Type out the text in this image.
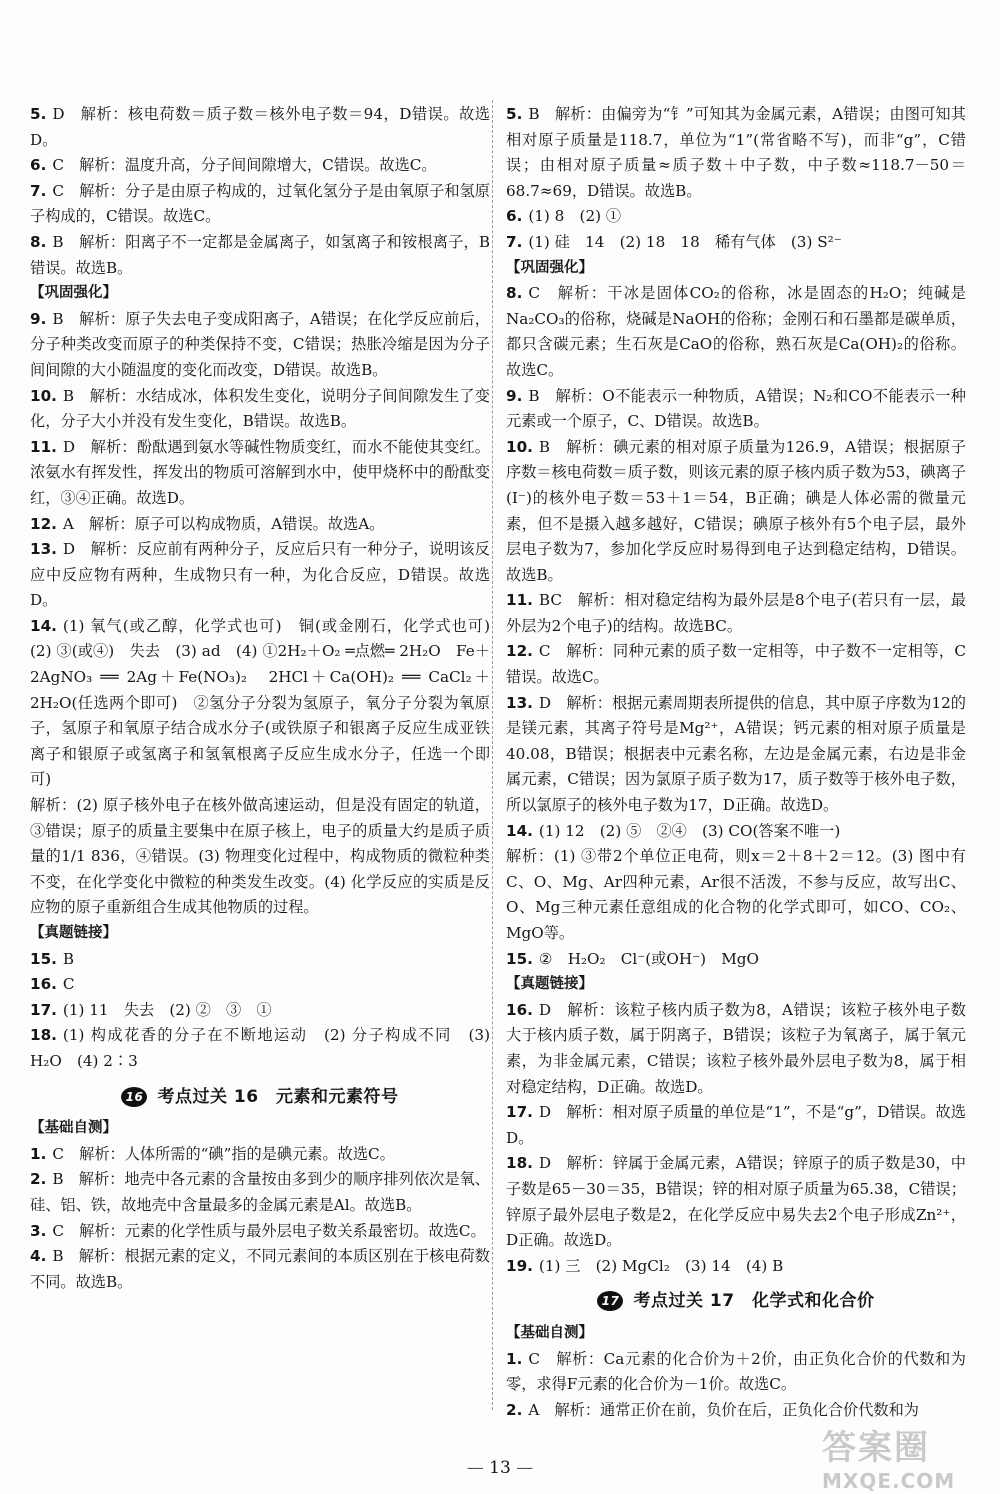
5. D　解析：核电荷数＝质子数＝核外电子数＝94，D错误。故选D。

6. C　解析：温度升高，分子间间隙增大，C错误。故选C。

7. C　解析：分子是由原子构成的，过氧化氢分子是由氧原子和氢原子构成的，C错误。故选C。

8. B　解析：阳离子不一定都是金属离子，如氢离子和铵根离子，B错误。故选B。

【巩固强化】

9. B　解析：原子失去电子变成阳离子，A错误；在化学反应前后，分子种类改变而原子的种类保持不变，C错误；热胀冷缩是因为分子间间隙的大小随温度的变化而改变，D错误。故选B。

10. B　解析：水结成冰，体积发生变化，说明分子间间隙发生了变化，分子大小并没有发生变化，B错误。故选B。

11. D　解析：酚酞遇到氨水等碱性物质变红，而水不能使其变红。浓氨水有挥发性，挥发出的物质可溶解到水中，使甲烧杯中的酚酞变红，③④正确。故选D。

12. A　解析：原子可以构成物质，A错误。故选A。

13. D　解析：反应前有两种分子，反应后只有一种分子，说明该反应中反应物有两种，生成物只有一种，为化合反应，D错误。故选D。

14. (1) 氧气(或乙醇，化学式也可)　铜(或金刚石，化学式也可)　(2) ③(或④)　失去　(3) ad　(4) ①2H₂＋O₂ ═点燃═ 2H₂O　Fe＋2AgNO₃ ══ 2Ag＋Fe(NO₃)₂　2HCl＋Ca(OH)₂ ══ CaCl₂＋2H₂O(任选两个即可)　②氢分子分裂为氢原子，氧分子分裂为氧原子，氢原子和氧原子结合成水分子(或铁原子和银离子反应生成亚铁离子和银原子或氢离子和氢氧根离子反应生成水分子，任选一个即可)

解析：(2) 原子核外电子在核外做高速运动，但是没有固定的轨道，③错误；原子的质量主要集中在原子核上，电子的质量大约是质子质量的1/1 836，④错误。(3) 物理变化过程中，构成物质的微粒种类不变，在化学变化中微粒的种类发生改变。(4) 化学反应的实质是反应物的原子重新组合生成其他物质的过程。

【真题链接】

15. B

16. C

17. (1) 11　失去　(2) ②　③　①

18. (1) 构成花香的分子在不断地运动　(2) 分子构成不同　(3) H₂O　(4) 2∶3

16 考点过关 16　元素和元素符号

【基础自测】

1. C　解析：人体所需的“碘”指的是碘元素。故选C。

2. B　解析：地壳中各元素的含量按由多到少的顺序排列依次是氧、硅、铝、铁，故地壳中含量最多的金属元素是Al。故选B。

3. C　解析：元素的化学性质与最外层电子数关系最密切。故选C。

4. B　解析：根据元素的定义，不同元素间的本质区别在于核电荷数不同。故选B。

5. B　解析：由偏旁为“钅”可知其为金属元素，A错误；由图可知其相对原子质量是118.7，单位为“1”(常省略不写)，而非“g”，C错误；由相对原子质量≈质子数＋中子数，中子数≈118.7－50＝68.7≈69，D错误。故选B。

6. (1) 8　(2) ①

7. (1) 硅　14　(2) 18　18　稀有气体　(3) S²⁻

【巩固强化】

8. C　解析：干冰是固体CO₂的俗称，冰是固态的H₂O；纯碱是Na₂CO₃的俗称，烧碱是NaOH的俗称；金刚石和石墨都是碳单质，都只含碳元素；生石灰是CaO的俗称，熟石灰是Ca(OH)₂的俗称。故选C。

9. B　解析：O不能表示一种物质，A错误；N₂和CO不能表示一种元素或一个原子，C、D错误。故选B。

10. B　解析：碘元素的相对原子质量为126.9，A错误；根据原子序数＝核电荷数＝质子数，则该元素的原子核内质子数为53，碘离子(I⁻)的核外电子数＝53＋1＝54，B正确；碘是人体必需的微量元素，但不是摄入越多越好，C错误；碘原子核外有5个电子层，最外层电子数为7，参加化学反应时易得到电子达到稳定结构，D错误。故选B。

11. BC　解析：相对稳定结构为最外层是8个电子(若只有一层，最外层为2个电子)的结构。故选BC。

12. C　解析：同种元素的质子数一定相等，中子数不一定相等，C错误。故选C。

13. D　解析：根据元素周期表所提供的信息，其中原子序数为12的是镁元素，其离子符号是Mg²⁺，A错误；钙元素的相对原子质量是40.08，B错误；根据表中元素名称，左边是金属元素，右边是非金属元素，C错误；因为氯原子质子数为17，质子数等于核外电子数，所以氯原子的核外电子数为17，D正确。故选D。

14. (1) 12　(2) ⑤　②④　(3) CO(答案不唯一)

解析：(1) ③带2个单位正电荷，则x＝2＋8＋2＝12。(3) 图中有C、O、Mg、Ar四种元素，Ar很不活泼，不参与反应，故写出C、O、Mg三种元素任意组成的化合物的化学式即可，如CO、CO₂、MgO等。

15. ②　H₂O₂　Cl⁻(或OH⁻)　MgO

【真题链接】

16. D　解析：该粒子核内质子数为8，A错误；该粒子核外电子数大于核内质子数，属于阴离子，B错误；该粒子为氧离子，属于氧元素，为非金属元素，C错误；该粒子核外最外层电子数为8，属于相对稳定结构，D正确。故选D。

17. D　解析：相对原子质量的单位是“1”，不是“g”，D错误。故选D。

18. D　解析：锌属于金属元素，A错误；锌原子的质子数是30，中子数是65－30＝35，B错误；锌的相对原子质量为65.38，C错误；锌原子最外层电子数是2，在化学反应中易失去2个电子形成Zn²⁺，D正确。故选D。

19. (1) 三　(2) MgCl₂　(3) 14　(4) B

17 考点过关 17　化学式和化合价

【基础自测】

1. C　解析：Ca元素的化合价为＋2价，由正负化合价的代数和为零，求得F元素的化合价为－1价。故选C。

2. A　解析：通常正价在前，负价在后，正负化合价代数和为

— 13 —	答案圈
MXQE.COM
